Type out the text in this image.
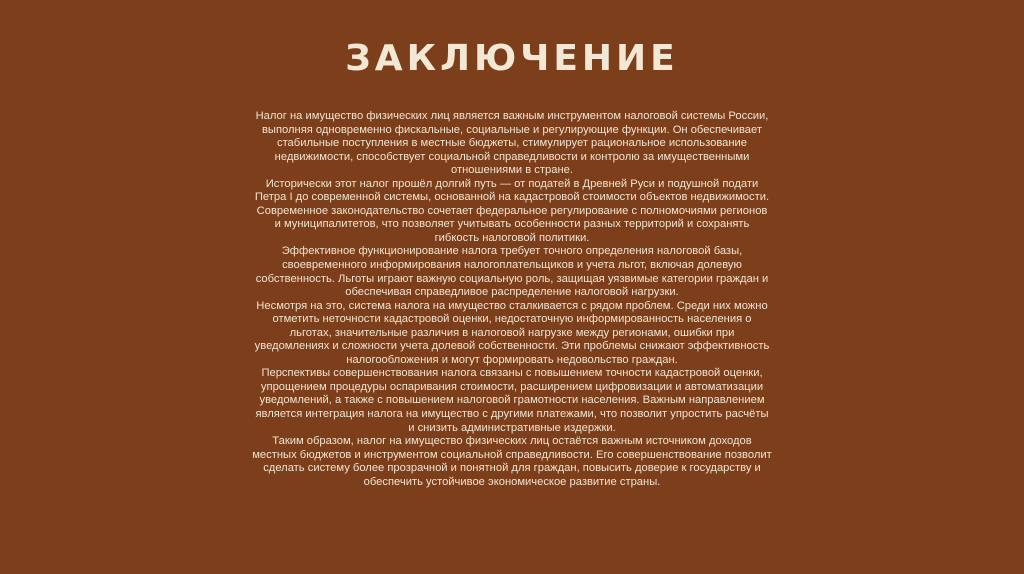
ЗАКЛЮЧЕНИЕ

Налог на имущество физических лиц является важным инструментом налоговой системы России, выполняя одновременно фискальные, социальные и регулирующие функции. Он обеспечивает стабильные поступления в местные бюджеты, стимулирует рациональное использование недвижимости, способствует социальной справедливости и контролю за имущественными отношениями в стране.

Исторически этот налог прошёл долгий путь — от податей в Древней Руси и подушной подати Петра I до современной системы, основанной на кадастровой стоимости объектов недвижимости. Современное законодательство сочетает федеральное регулирование с полномочиями регионов и муниципалитетов, что позволяет учитывать особенности разных территорий и сохранять гибкость налоговой политики.

Эффективное функционирование налога требует точного определения налоговой базы, своевременного информирования налогоплательщиков и учета льгот, включая долевую собственность. Льготы играют важную социальную роль, защищая уязвимые категории граждан и обеспечивая справедливое распределение налоговой нагрузки.

Несмотря на это, система налога на имущество сталкивается с рядом проблем. Среди них можно отметить неточности кадастровой оценки, недостаточную информированность населения о льготах, значительные различия в налоговой нагрузке между регионами, ошибки при уведомлениях и сложности учета долевой собственности. Эти проблемы снижают эффективность налогообложения и могут формировать недовольство граждан.

Перспективы совершенствования налога связаны с повышением точности кадастровой оценки, упрощением процедуры оспаривания стоимости, расширением цифровизации и автоматизации уведомлений, а также с повышением налоговой грамотности населения. Важным направлением является интеграция налога на имущество с другими платежами, что позволит упростить расчёты и снизить административные издержки.

Таким образом, налог на имущество физических лиц остаётся важным источником доходов местных бюджетов и инструментом социальной справедливости. Его совершенствование позволит сделать систему более прозрачной и понятной для граждан, повысить доверие к государству и обеспечить устойчивое экономическое развитие страны.
